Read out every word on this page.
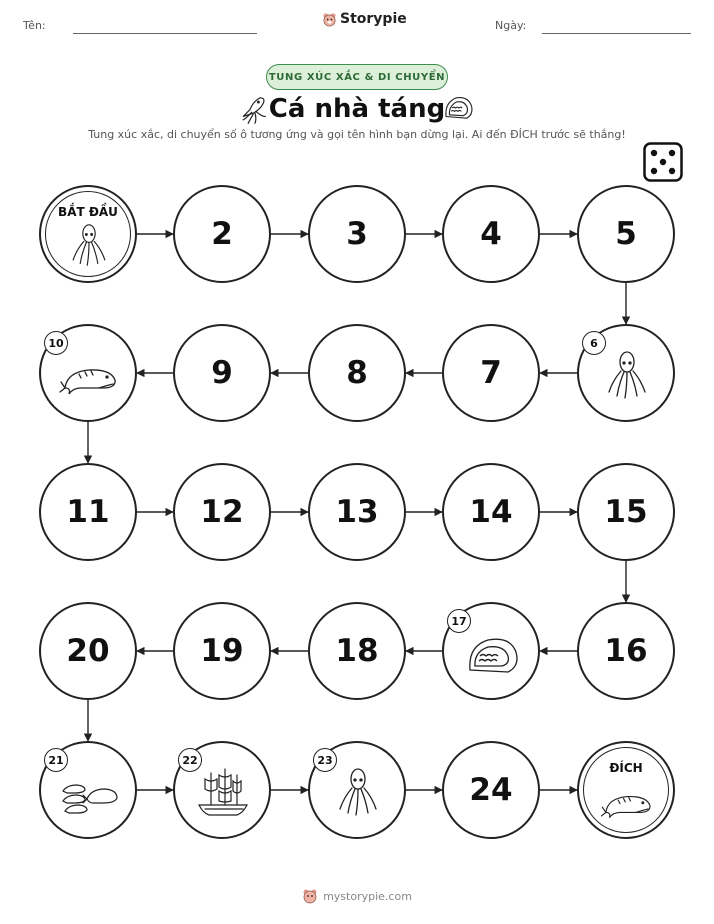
Tên:	Ngày:
Storypie
TUNG XÚC XẮC & DI CHUYỂN
Cá nhà táng
Tung xúc xắc, di chuyển số ô tương ứng và gọi tên hình bạn dừng lại. Ai đến ĐÍCH trước sẽ thắng!
BẮT ĐẦU
2	3	4	5
6
7
8
9
10
11	12	13	14	15
16
17
18
19
20
21	22	23
24
ĐÍCH
mystorypie.com
